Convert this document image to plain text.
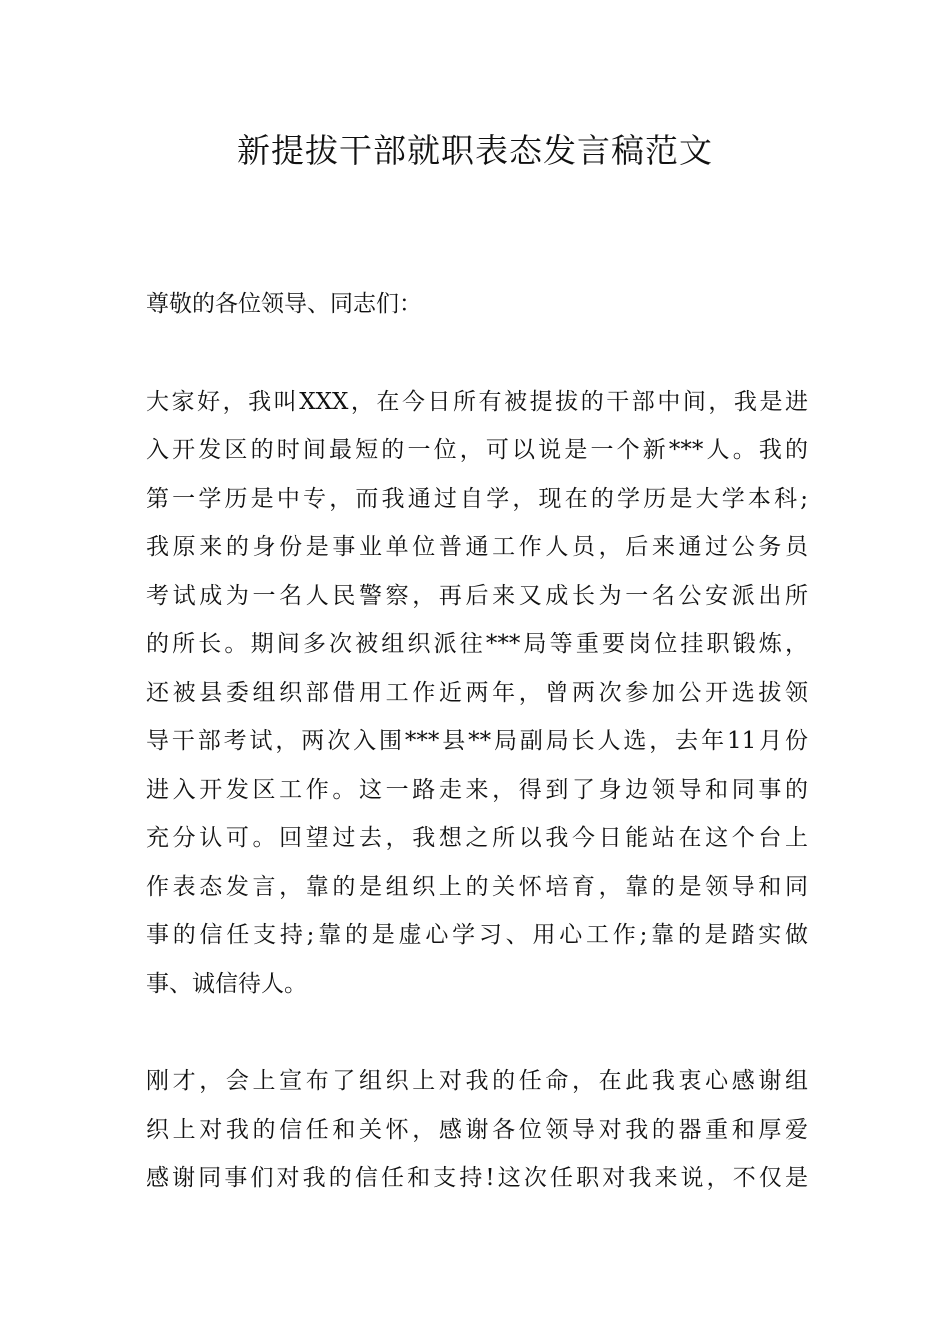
新提拔干部就职表态发言稿范文
尊敬的各位领导、同志们：
大家好，我叫XXX，在今日所有被提拔的干部中间，我是进
入开发区的时间最短的一位，可以说是一个新***人。我的
第一学历是中专，而我通过自学，现在的学历是大学本科;
我原来的身份是事业单位普通工作人员，后来通过公务员
考试成为一名人民警察，再后来又成长为一名公安派出所
的所长。期间多次被组织派往***局等重要岗位挂职锻炼，
还被县委组织部借用工作近两年，曾两次参加公开选拔领
导干部考试，两次入围***县**局副局长人选，去年11月份
进入开发区工作。这一路走来，得到了身边领导和同事的
充分认可。回望过去，我想之所以我今日能站在这个台上
作表态发言，靠的是组织上的关怀培育，靠的是领导和同
事的信任支持;靠的是虚心学习、用心工作;靠的是踏实做
事、诚信待人。
刚才，会上宣布了组织上对我的任命，在此我衷心感谢组
织上对我的信任和关怀，感谢各位领导对我的器重和厚爱
感谢同事们对我的信任和支持!这次任职对我来说，不仅是
